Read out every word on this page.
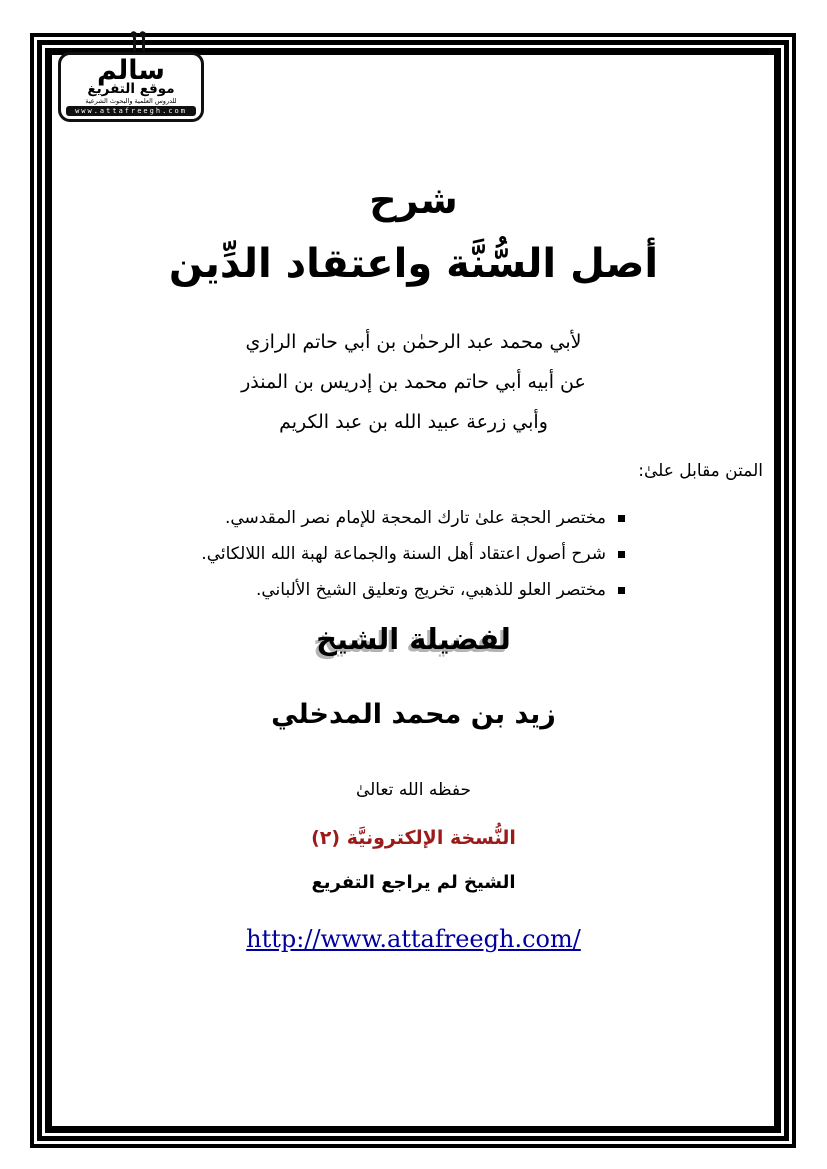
سالم
موقع التفريغ
للدروس العلمية والبحوث الشرعية
www.attafreegh.com
شرح
أصل السُّنَّة واعتقاد الدِّين
لأبي محمد عبد الرحمٰن بن أبي حاتم الرازي
عن أبيه أبي حاتم محمد بن إدريس بن المنذر
وأبي زرعة عبيد الله بن عبد الكريم
المتن مقابل علىٰ:
مختصر الحجة علىٰ تارك المحجة للإمام نصر المقدسي.
شرح أصول اعتقاد أهل السنة والجماعة لهبة الله اللالكائي.
مختصر العلو للذهبي، تخريج وتعليق الشيخ الألباني.
لفضيلة الشيخ
زيد بن محمد المدخلي
حفظه الله تعالىٰ
النُّسخة الإلكترونيَّة (٢)
الشيخ لم يراجع التفريع
http://www.attafreegh.com/
